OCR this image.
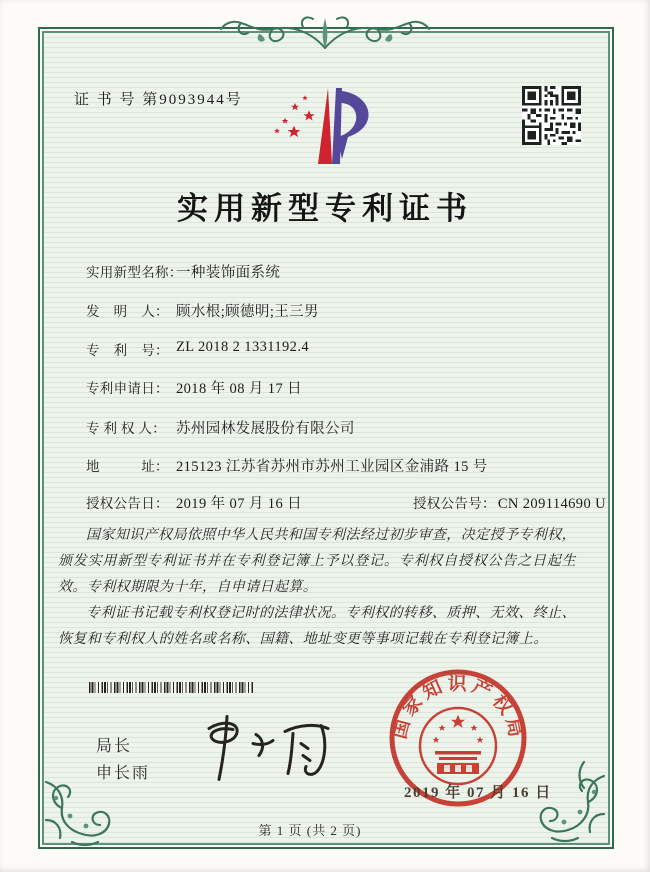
证 书 号 第9093944号
实用新型专利证书
实用新型名称：
一种装饰面系统
发　明　人： 顾水根;顾德明;王三男
专　利　号： ZL 2018 2 1331192.4
专利申请日： 2018 年 08 月 17 日
专 利 权 人： 苏州园林发展股份有限公司
地　　　址： 215123 江苏省苏州市苏州工业园区金浦路 15 号
授权公告日： 2019 年 07 月 16 日	授权公告号： CN 209114690 U

国家知识产权局依照中华人民共和国专利法经过初步审查，决定授予专利权，颁发实用新型专利证书并在专利登记簿上予以登记。专利权自授权公告之日起生效。专利权期限为十年，自申请日起算。

专利证书记载专利权登记时的法律状况。专利权的转移、质押、无效、终止、恢复和专利权人的姓名或名称、国籍、地址变更等事项记载在专利登记簿上。

局长
申长雨
国家知识产权局
2019 年 07 月 16 日
第 1 页 (共 2 页)
